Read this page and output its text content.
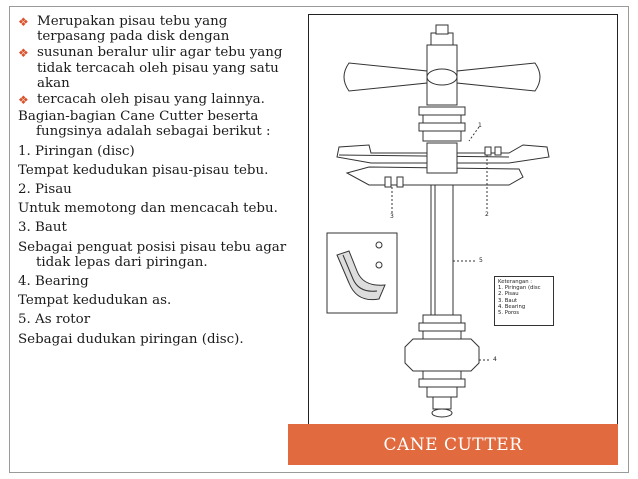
❖ Merupakan pisau tebu yang terpasang pada disk dengan
❖ susunan beralur ulir agar tebu yang tidak tercacah oleh pisau yang satu akan
❖ tercacah oleh pisau yang lainnya.
Bagian-bagian Cane Cutter beserta fungsinya adalah sebagai berikut :
1. Piringan (disc)
Tempat kedudukan pisau-pisau tebu.
2. Pisau
Untuk memotong dan mencacah tebu.
3. Baut
Sebagai penguat posisi pisau tebu agar tidak lepas dari piringan.
4. Bearing
Tempat kedudukan as.
5. As rotor
Sebagai dudukan piringan (disc).
1
2
3
5
4
Keterangan :
1. Piringan (disc
2. Pisau
3. Baut
4. Bearing
5. Poros
CANE CUTTER
